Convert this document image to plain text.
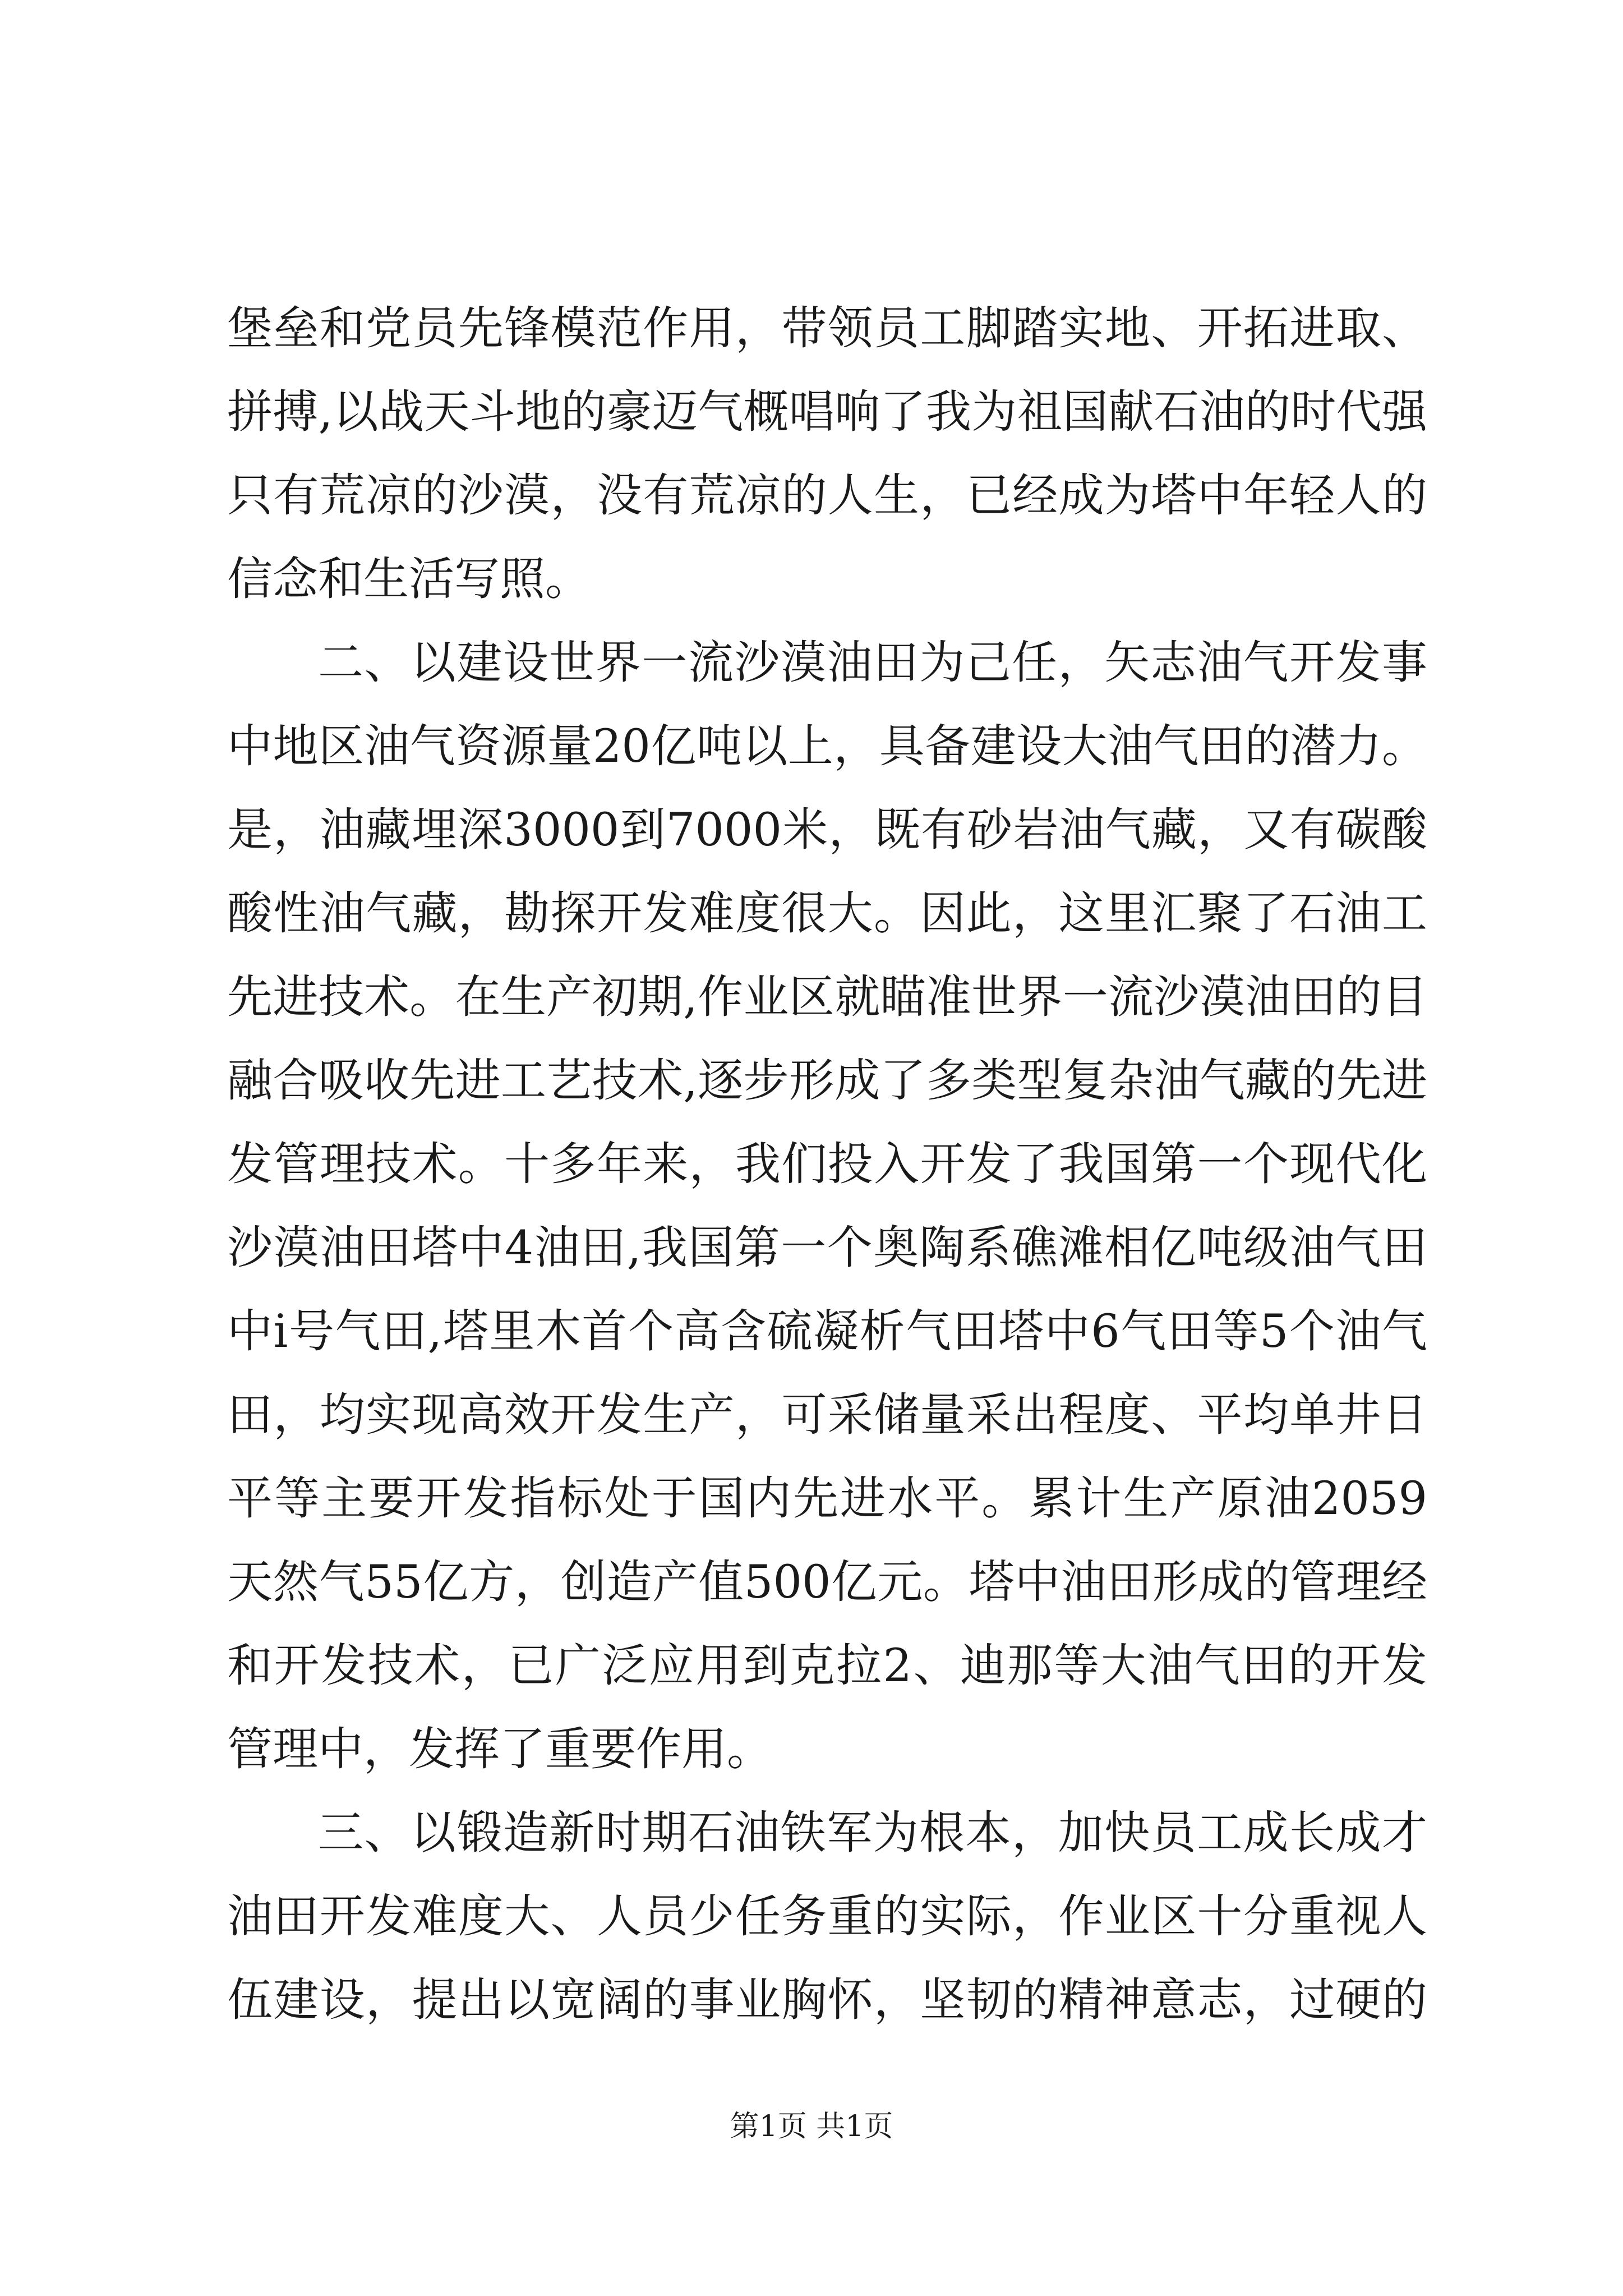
堡垒和党员先锋模范作用，带领员工脚踏实地、开拓进取、
拼搏,以战天斗地的豪迈气概唱响了我为祖国献石油的时代强
只有荒凉的沙漠，没有荒凉的人生，已经成为塔中年轻人的
信念和生活写照。
二、以建设世界一流沙漠油田为己任，矢志油气开发事
中地区油气资源量20亿吨以上，具备建设大油气田的潜力。
是，油藏埋深3000到7000米，既有砂岩油气藏，又有碳酸
酸性油气藏，勘探开发难度很大。因此，这里汇聚了石油工
先进技术。在生产初期,作业区就瞄准世界一流沙漠油田的目
融合吸收先进工艺技术,逐步形成了多类型复杂油气藏的先进
发管理技术。十多年来，我们投入开发了我国第一个现代化
沙漠油田塔中4油田,我国第一个奥陶系礁滩相亿吨级油气田
中ⅰ号气田,塔里木首个高含硫凝析气田塔中6气田等5个油气
田，均实现高效开发生产，可采储量采出程度、平均单井日
平等主要开发指标处于国内先进水平。累计生产原油2059
天然气55亿方，创造产值500亿元。塔中油田形成的管理经
和开发技术，已广泛应用到克拉2、迪那等大油气田的开发
管理中，发挥了重要作用。
三、以锻造新时期石油铁军为根本，加快员工成长成才
油田开发难度大、人员少任务重的实际，作业区十分重视人
伍建设，提出以宽阔的事业胸怀，坚韧的精神意志，过硬的
第1页 共1页
